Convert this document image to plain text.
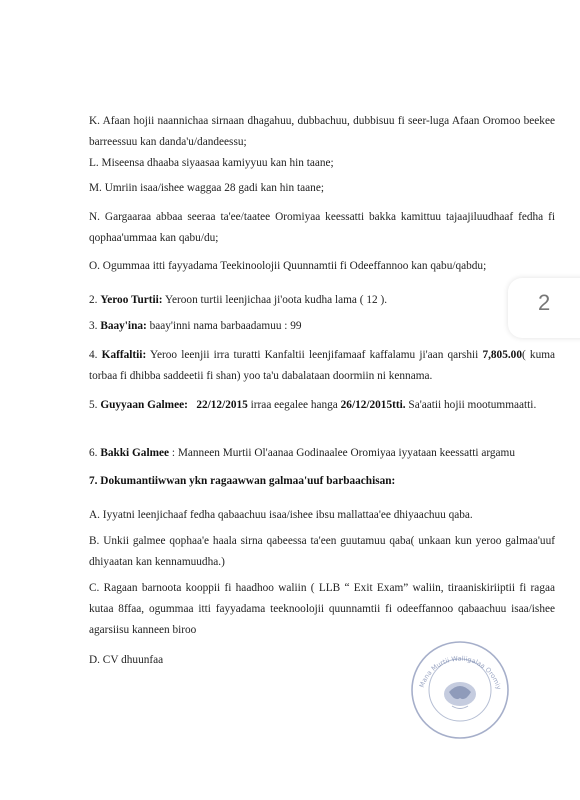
K. Afaan hojii naannichaa sirnaan dhagahuu, dubbachuu, dubbisuu fi seer-luga Afaan Oromoo beekee barreessuu kan danda'u/dandeessu;
L. Miseensa dhaaba siyaasaa kamiyyuu kan hin taane;
M. Umriin isaa/ishee waggaa 28 gadi kan hin taane;
N. Gargaaraa abbaa seeraa ta'ee/taatee Oromiyaa keessatti bakka kamittuu tajaajiluudhaaf fedha fi qophaa'ummaa kan qabu/du;
O. Ogummaa itti fayyadama Teekinoolojii Quunnamtii fi Odeeffannoo kan qabu/qabdu;
2. Yeroo Turtii: Yeroon turtii leenjichaa ji'oota kudha lama ( 12 ).
3. Baay'ina: baay'inni nama barbaadamuu : 99
4. Kaffaltii: Yeroo leenjii irra turatti Kanfaltii leenjifamaaf kaffalamu ji'aan qarshii 7,805.00( kuma torbaa fi dhibba saddeetii fi shan) yoo ta'u dabalataan doormiin ni kennama.
5. Guyyaan Galmee: 22/12/2015 irraa eegalee hanga 26/12/2015tti. Sa'aatii hojii mootummaatti.
6. Bakki Galmee : Manneen Murtii Ol'aanaa Godinaalee Oromiyaa iyyataan keessatti argamu
7. Dokumantiiwwan ykn ragaawwan galmaa'uuf barbaachisan:
A. Iyyatni leenjichaaf fedha qabaachuu isaa/ishee ibsu mallattaa'ee dhiyaachuu qaba.
B. Unkii galmee qophaa'e haala sirna qabeessa ta'een guutamuu qaba( unkaan kun yeroo galmaa'uuf dhiyaatan kan kennamuudha.)
C. Ragaan barnoota kooppii fi haadhoo waliin ( LLB “ Exit Exam” waliin, tiraaniskiriiptii fi ragaa kutaa 8ffaa, ogummaa itti fayyadama teeknoolojii quunnamtii fi odeeffannoo qabaachuu isaa/ishee agarsiisu kanneen biroo
D. CV dhuunfaa
2
Mana Murtii Waliigalaa Oromiy
